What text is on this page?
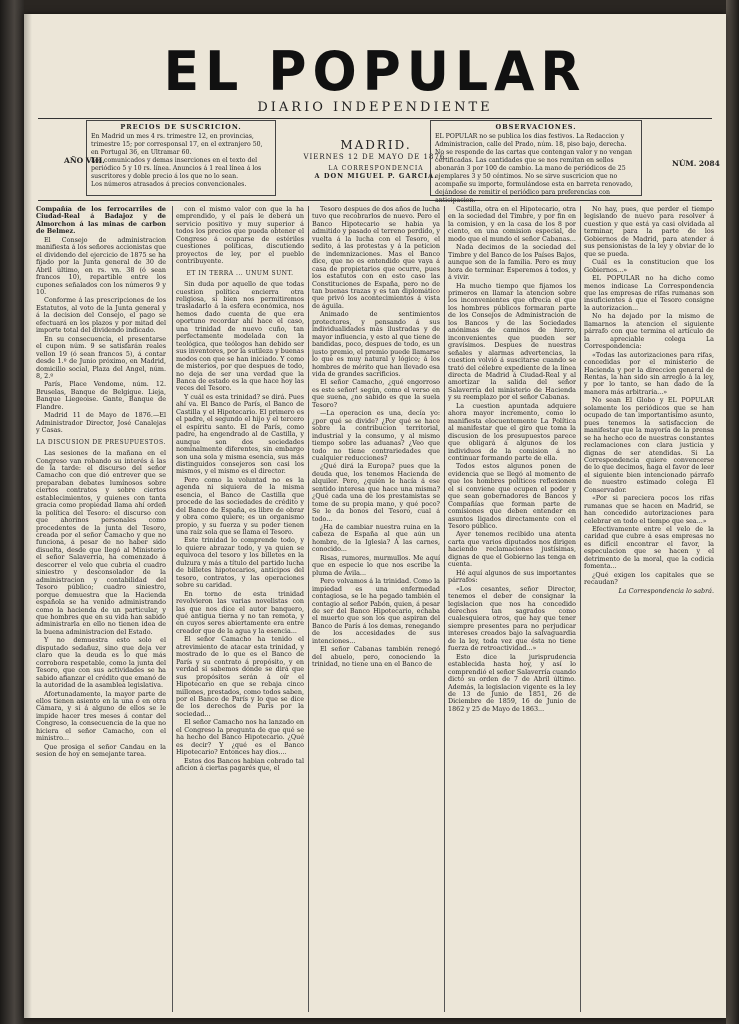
EL POPULAR
DIARIO INDEPENDIENTE
PRECIOS DE SUSCRICION.
En Madrid un mes 4 rs. trimestre 12, en provincias, trimestre 15; por corresponsal 17, en el extranjero 50, en Portugal 36, en Ultramar 60.
Los comunicados y demas inserciones en el texto del periódico 5 y 10 rs. línea. Anuncios á 1 real línea á los suscritores y doble precio á los que no lo sean.
Los números atrasados á precios convencionales.
AÑO VIII.
MADRID.
VIERNES 12 DE MAYO DE 1876.
LA CORRESPONDENCIA
A DON MIGUEL P. GARCIA.
OBSERVACIONES.
EL POPULAR no se publica los dias festivos. La Redaccion y Administracion, calle del Prado, núm. 18, piso bajo, derecha. No se responde de las cartas que contengan valor y no vengan certificadas. Las cantidades que se nos remitan en sellos abonarán 3 por 100 de cambio. La mano de periódicos de 25 ejemplares 3 y 50 céntimos. No se sirve suscricion que no acompañe su importe, formulándose esta en barreta renovado, dejándose de remitir el periódico para preferencias con anticipacion.
NÚM. 2084

Compañía de los ferrocarriles de Ciudad-Real á Badajoz y de Almorchon á las minas de carbon de Belmez.

El Consejo de administracion manifiesta á los señores accionistas que el dividendo del ejercicio de 1875 se ha fijado por la Junta general de 30 de Abril último, en rs. vn. 38 (ó sean francos 10), repartible entre los cupones señalados con los números 9 y 10.

Conforme á las prescripciones de los Estatutos, al voto de la Junta general y á la decision del Consejo, el pago se efectuará en los plazos y por mitad del importe total del dividendo indicado.

En su consecuencia, el presentarse el cupon núm. 9 se satisfarán reales vellon 19 (ó sean francos 5), á contar desde 1.º de Junio próximo, en Madrid, domicilio social, Plaza del Angel, núm. 8, 2.º

París, Place Vendome, núm. 12. Bruselas, Banque de Belgique. Lieja, Banque Liegeoise. Gante, Banque de Flandre.

Madrid 11 de Mayo de 1876.—El Administrador Director, José Canalejas y Casas.

LA DISCUSION DE PRESUPUESTOS.

Las sesiones de la mañana en el Congreso van robando su interés á las de la tarde: el discurso del señor Camacho con que dió entrever que se preparaban debates lumínosos sobre ciertos contratos y sobre ciertos establecimientos, y quienes con tanta gracia como propiedad llama ahí ordeñ la política del Tesoro: el discurso con que ahorinos personales como procedentes de la junta del Tesoro, creada por el señor Camacho y que no funciona, á pesar de no haber sido disuelta, desde que llegó al Ministerio el señor Salaverría, ha comenzado á descorrer el velo que cubria el cuadro siniestro y desconsolador de la administracion y contabilidad del Tesoro público; cuadro siniestro, porque demuestra que la Hacienda española se ha venido administrando como la hacienda de un particular, y que hombres que en su vida han sabido administrarla en ello no tienen idea de la buena administracion del Estado.

Y no demuestra esto solo el disputado sedañuz, sino que deja ver claro que la deuda es lo que más corrobora respetable, como la junta del Tesoro, que con sus actividades se ha sabido afianzar el crédito que emanó de la autoridad de la asamblea legislativa.

Afortunadamente, la mayor parte de ellos tienen asiento en la una ó en otra Cámara, y si á alguno de ellos se le impide hacer tres meses á contar del Congreso, la consecuencia de la que no hiciera el señor Camacho, con el ministro...

Que prosiga el señor Candau en la sesion de hoy en semejante tarea.

con el mismo valor con que la ha emprendido, y el país le deberá un servicio positivo y muy superior á todos los precios que pueda obtener el Congreso á ocuparse de estériles cuestiones políticas, discutiendo proyectos de ley, por el pueblo contribuyente.

ET IN TERRA ... UNUM SUNT.

Sin duda por aquello de que todas cuestion política encierra otra religiosa, si bien nos permitiremos trasladarlo á la esfera económica, nos hemos dado cuenta de que era oportuno recordar ahí hace el caso, una trinidad de nuevo cuño, tan perfectamente modelada con la teológica, que teólogos han debido ser sus inventores, por la sutileza y buenas modos con que se han iniciado. Y como de misterios, por que despues de todo, no deja de ser una verdad que la Banca de estado es la que hace hoy las veces del Tesoro.

Y cuál es esta trinidad? se dirá. Pues ahí va. El Banco de París, el Banco de Castilla y el Hipotecario. El primero es el padre, el segundo el hijo y el tercero el espíritu santo. El de París, como padre, ha engendrado al de Castilla, y aunque son dos sociedades nominalmente diferentes, sin embargo son una sola y misma esencia, sus más distinguidos consejeros son casi los mismos, y el mismo es el director.

Pero como la voluntad no es la agenda ni siquiera de la misma esencia, el Banco de Castilla que procede de las sociedades de crédito y del Banco de España, es libre de obrar y obra como quiere; es un organismo propio, y su fuerza y su poder tienen una raíz sola que se llama el Tesoro.

Este trinidad lo comprende todo, y lo quiere abrazar todo, y ya quien se equivoca del tesoro y los billetes en la dulzura y más a título del partido lucha de billetes hipotecarios, anticipos del tesoro, contratos, y las operaciones sobre su caridad.

En torno de esta trinidad revolvieron las varias novelistas con las que nos dice el autor banquero, qué antigua tierna y no tan remota, y en cuyos seres abiertamente era entre creador que de la agua y la esencia...

El señor Camacho ha tenido el atrevimiento de atacar esta trinidad, y mostrado de lo que es el Banco de París y su contrato á propósito, y en verdad sí sabemos dónde se dirá que sus propósitos serán á oír el Hipotecario en que se rebaja cinco millones, prestados, como todos saben, por el Banco de París y lo que se dice de los derechos de París por la sociedad...

El señor Camacho nos ha lanzado en el Congreso la pregunta de que qué se ha hecho del Banco Hipotecario. ¿Qué es decir? Y ¿qué es el Banco Hipotecario? Entonces hay dios....

Estos dos Bancos habian cobrado tal aficion á ciertas pagarés que, el

Tesoro despues de dos años de lucha tuvo que recobrarlos de nuevo. Pero el Banco Hipotecario se habia ya admitido y pasado el terreno perdido, y vuelta á la lucha con el Tesoro, el sedito, á las protestas y á la peticion de indemnizaciones. Mas el Banco dice, que no es entendido que vaya á casa de propietarios que ocurre, pues los estatutos con en esto caso las Constituciones de España, pero no de tan buenas trazas y es tan diplomático que privó los acontecimientos á vista de águila.

Animado de sentimientos protectores, y pensando á sus individualidades más ilustradas y de mayor influencia, y esto al que tiene de bandidas, poco, despues de todo, es un justo premio, el premio puede llamarse lo que es muy natural y lógico; á los hombres de mérito que han llevado esa vida de grandes sacrificios.

El señor Camacho, ¿qué engorroso es este señor! según, como el verso en que suena, ¿no sabido es que la suela Tesoro?

—La operacion es una, decía yo: ¿por qué se divide? ¿Por qué se hace sobre la contribucion territorial, industrial y la consumo, y al mismo tiempo sobre las aduanas? ¿Veo que todo no tiene contrariedades que cualquier reducciones?

¿Qué dirá la Europa? pues que la deuda que, los tenemos Hacienda de alquiler. Pero, ¿quién le hacía á ese sentido interesa que hace una misma? ¿Qué cada una de los prestamistas se tome de su propia mano, y qué poco? Se le da bonos del Tesoro, cual á todo...

¿Ha de cambiar nuestra ruina en la cabeza de España al que aún un hombre, de la Iglesia? Á las carnes, conocido...

Risas, rumores, murmullos. Me aquí que en especie lo que nos escribe la pluma de Ávila...

Pero volvamos á la trinidad. Como la impiedad es una enfermedad contagiosa, se le ha pegado también el contagio al señor Pabón, quien, á pesar de ser del Banco Hipotecario, echaba el muerto que son los que aspiran del Banco de París á los demas, renegando de los accesidades de sus intenciones...

El señor Cabanas también renegó del abuelo, pero, conociendo la trinidad, no tiene una en el Banco de

Castilla, otra en el Hipotecario, otra en la sociedad del Timbre, y por fin en la comision, y en la casa de los 8 por ciento, en una comision especial, de modo que el mundo el señor Cabanas...

Nada decimos de la sociedad del Timbre y del Banco de los Países Bajos, aunque son de la familia. Pero es muy hora de terminar. Esperemos á todos, y á vivir.

Ha mucho tiempo que fijamos los primeros en llamar la atencion sobre los inconvenientes que ofrecía el que los hombres públicos formaran parte de los Consejos de Administracion de los Bancos y de las Sociedades anónimas de caminos de hierro, inconvenientes que pueden ser gravísimos. Despues de nuestras señales y alarmas advertencias, la cuestion volvió á suscitarse cuando se trató del célebre expediente de la línea directa de Madrid á Ciudad-Real y al amortizar la salida del señor Salaverría del ministerio de Hacienda y su reemplazo por el señor Cabanas.

La cuestion apuntada adquiere ahora mayor incremento, como lo manifiesta elocuentemente La Política al manifestar que el giro que toma la discusion de los presupuestos parece que obligará á algunos de los individuos de la comision á no continuar formando parte de ella.

Todos estos algunos ponen de evidencia que se llegó al momento de que los hombres políticos reflexionen el si conviene que ocupen el poder y que sean gobernadores de Bancos y Compañías que forman parte de comisiones que deben entender en asuntos ligados directamente con el Tesoro público.

Ayer tenemos recibido una atenta carta que varios diputados nos dirigen haciendo reclamaciones justísimas, dignas de que el Gobierno las tenga en cuenta.

Hé aquí algunos de sus importantes párrafos:

«Los cesantes, señor Director, tenemos el deber de consignar la legislacion que nos ha concedido derechos tan sagrados como cualesquiera otros, que hay que tener siempre presentes para no perjudicar intereses creados bajo la salvaguardia de la ley, toda vez que ésta no tiene fuerza de retroactividad...»

Esto dice la jurisprudencia establecida hasta hoy, y así lo comprendió el señor Salaverría cuando dictó su orden de 7 de Abril último. Además, la legislacion vigente es la ley de 13 de Junio de 1851, 26 de Diciembre de 1859, 16 de Junio de 1862 y 25 de Mayo de 1863...

No hay, pues, que perder el tiempo legislando de nuevo para resolver á cuestion y que está ya casi olvidada al terminar, para la parte de los Gobiernos de Madrid, para atender á sus pensionistas de la ley y obviar de lo que se pueda.

Cuál es la constitucion que los Gobiernos...»

EL POPULAR no ha dicho como menos indicase La Correspondencia que las empresas de rifas rumanas son insuficientes á que el Tesoro consigne la autorizacion...

No ha dejado por la mismo de llamarnos la atencion el siguiente párrafo con que termina el artículo de la apreciable colega La Correspondencia:

«Todas las autorizaciones para rifas, concedidas por el ministerio de Hacienda y por la direccion general de Rentas, la han sido sin arreglo á la ley, y por lo tanto, se han dado de la manera más arbitraria...»

No sean El Globo y EL POPULAR solamente los periódicos que se han ocupado de tan importantísimo asunto, pues tenemos la satisfaccion de manifestar que la mayoría de la prensa se ha hecho eco de nuestras constantes reclamaciones con clara justicia y dignas de ser atendidas. Si La Correspondencia quiere convencerse de lo que decimos, haga el favor de leer el siguiente bien intencionado párrafo de nuestro estimado colega El Conservador.

«Por si pareciera pocos los rifas rumanas que se hacen en Madrid, se han concedido autorizaciones para celebrar en todo el tiempo que sea...»

Efectivamente entre el velo de la caridad que cubre á esas empresas no es difícil encontrar el favor, la especulacion que se hacen y el detrimento de la moral, que la codicia fomenta...

¿Qué exigen los capitales que se recaudan?

La Correspondencia lo sabrá.
